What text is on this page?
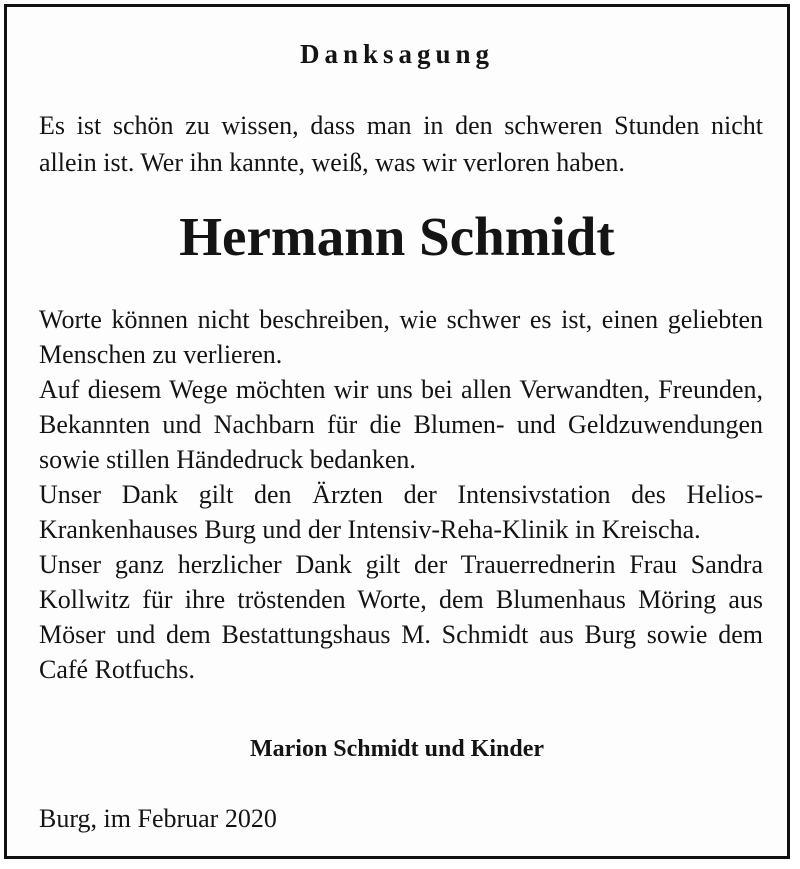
Danksagung
Es ist schön zu wissen, dass man in den schweren Stunden nicht allein ist. Wer ihn kannte, weiß, was wir verloren haben.
Hermann Schmidt

Worte können nicht beschreiben, wie schwer es ist, einen geliebten Menschen zu verlieren.

Auf diesem Wege möchten wir uns bei allen Verwandten, Freunden, Bekannten und Nachbarn für die Blumen- und Geldzuwendungen sowie stillen Händedruck bedanken.

Unser Dank gilt den Ärzten der Intensivstation des Helios-Krankenhauses Burg und der Intensiv-Reha-Klinik in Kreischa.

Unser ganz herzlicher Dank gilt der Trauerrednerin Frau Sandra Kollwitz für ihre tröstenden Worte, dem Blumenhaus Möring aus Möser und dem Bestattungshaus M. Schmidt aus Burg sowie dem Café Rotfuchs.

Marion Schmidt und Kinder
Burg, im Februar 2020
